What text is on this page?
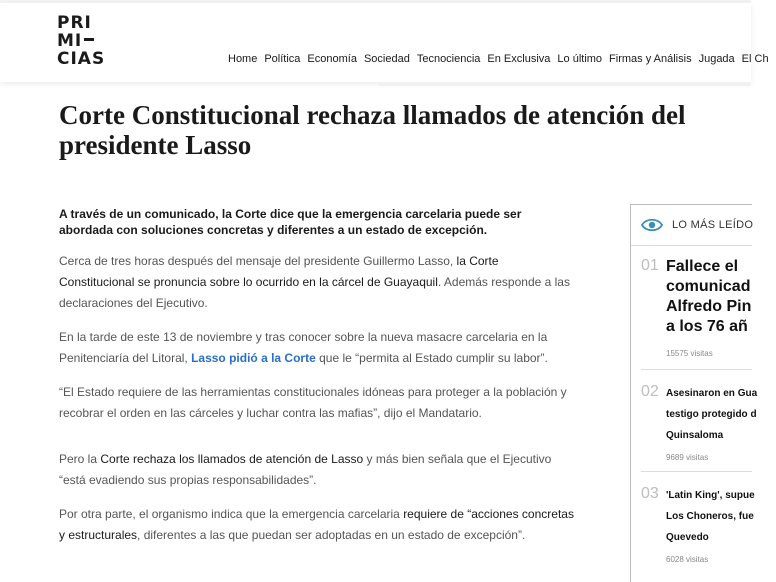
PRI
MI
CIAS	Home Política Economía Sociedad Tecnociencia En Exclusiva Lo último Firmas y Análisis Jugada El Ch
Corte Constitucional rechaza llamados de atención del presidente Lasso

A través de un comunicado, la Corte dice que la emergencia carcelaria puede ser abordada con soluciones concretas y diferentes a un estado de excepción.

Cerca de tres horas después del mensaje del presidente Guillermo Lasso, la Corte Constitucional se pronuncia sobre lo ocurrido en la cárcel de Guayaquil. Además responde a las declaraciones del Ejecutivo.

En la tarde de este 13 de noviembre y tras conocer sobre la nueva masacre carcelaria en la Penitenciaría del Litoral, Lasso pidió a la Corte que le “permita al Estado cumplir su labor”.

“El Estado requiere de las herramientas constitucionales idóneas para proteger a la población y recobrar el orden en las cárceles y luchar contra las mafias”, dijo el Mandatario.

Pero la Corte rechaza los llamados de atención de Lasso y más bien señala que el Ejecutivo “está evadiendo sus propias responsabilidades”.

Por otra parte, el organismo indica que la emergencia carcelaria requiere de “acciones concretas y estructurales, diferentes a las que puedan ser adoptadas en un estado de excepción”.

LO MÁS LEÍDO
01 Fallece el
comunicad
Alfredo Pin
a los 76 añ
15575 visitas
02 Asesinaron en Gua
testigo protegido d
Quinsaloma
9689 visitas
03 'Latin King', supue
Los Choneros, fue
Quevedo
6028 visitas
